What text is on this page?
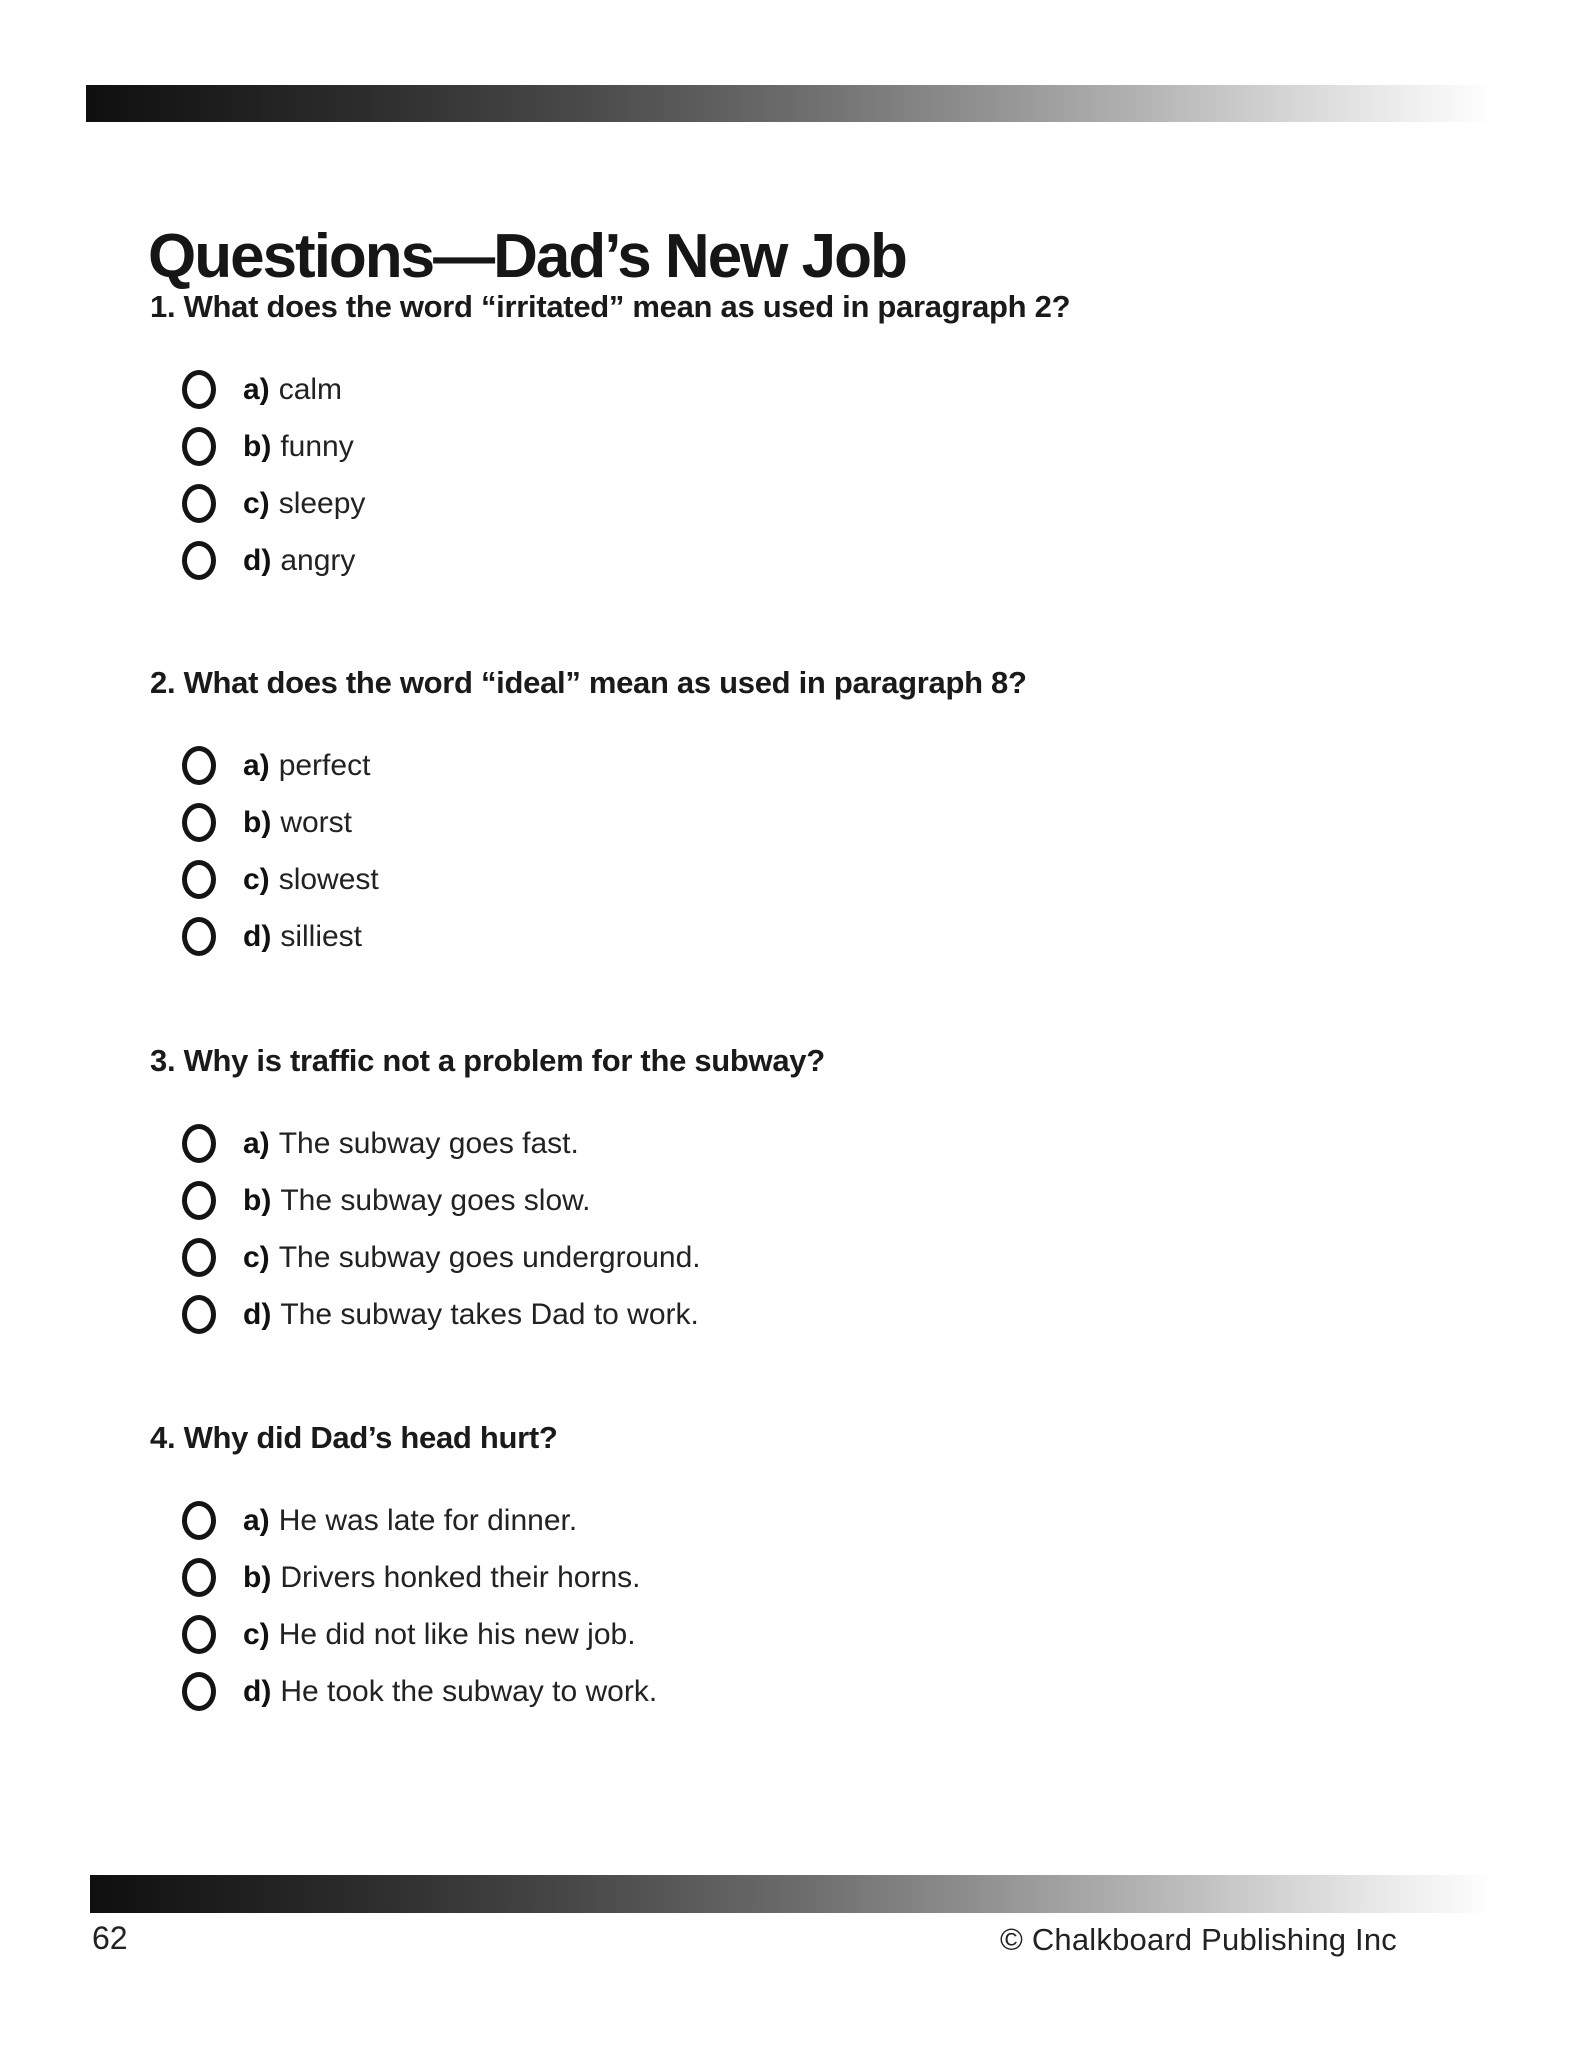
Questions—Dad’s New Job
1. What does the word “irritated” mean as used in paragraph 2?
a) calm
b) funny
c) sleepy
d) angry
2. What does the word “ideal” mean as used in paragraph 8?
a) perfect
b) worst
c) slowest
d) silliest
3. Why is traffic not a problem for the subway?
a) The subway goes fast.
b) The subway goes slow.
c) The subway goes underground.
d) The subway takes Dad to work.
4. Why did Dad’s head hurt?
a) He was late for dinner.
b) Drivers honked their horns.
c) He did not like his new job.
d) He took the subway to work.
62	© Chalkboard Publishing Inc
